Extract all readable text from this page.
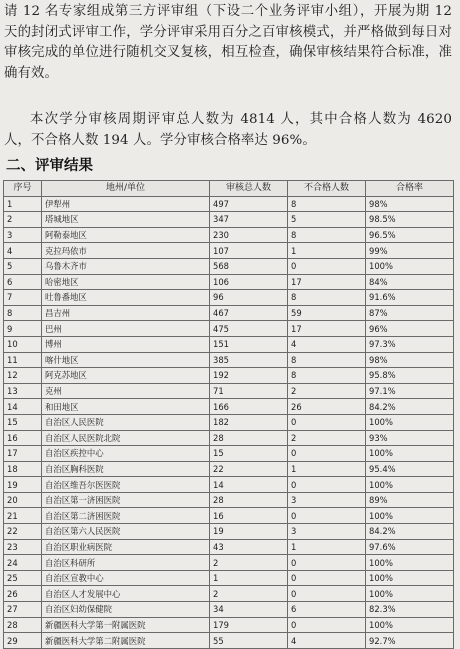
请 12 名专家组成第三方评审组（下设二个业务评审小组），开展为期 12 天的封闭式评审工作，学分评审采用百分之百审核模式，并严格做到每日对审核完成的单位进行随机交叉复核，相互检查，确保审核结果符合标准，准确有效。

本次学分审核周期评审总人数为 4814 人，其中合格人数为 4620 人，不合格人数 194 人。学分审核合格率达 96%。

二、评审结果
序号	地州/单位	审核总人数	不合格人数	合格率
1	伊犁州	497	8	98%
2	塔城地区	347	5	98.5%
3	阿勒泰地区	230	8	96.5%
4	克拉玛依市	107	1	99%
5	乌鲁木齐市	568	0	100%
6	哈密地区	106	17	84%
7	吐鲁番地区	96	8	91.6%
8	昌吉州	467	59	87%
9	巴州	475	17	96%
10	博州	151	4	97.3%
11	喀什地区	385	8	98%
12	阿克苏地区	192	8	95.8%
13	克州	71	2	97.1%
14	和田地区	166	26	84.2%
15	自治区人民医院	182	0	100%
16	自治区人民医院北院	28	2	93%
17	自治区疾控中心	15	0	100%
18	自治区胸科医院	22	1	95.4%
19	自治区维吾尔医医院	14	0	100%
20	自治区第一济困医院	28	3	89%
21	自治区第二济困医院	16	0	100%
22	自治区第六人民医院	19	3	84.2%
23	自治区职业病医院	43	1	97.6%
24	自治区科研所	2	0	100%
25	自治区宣教中心	1	0	100%
26	自治区人才发展中心	2	0	100%
27	自治区妇幼保健院	34	6	82.3%
28	新疆医科大学第一附属医院	179	0	100%
29	新疆医科大学第二附属医院	55	4	92.7%
